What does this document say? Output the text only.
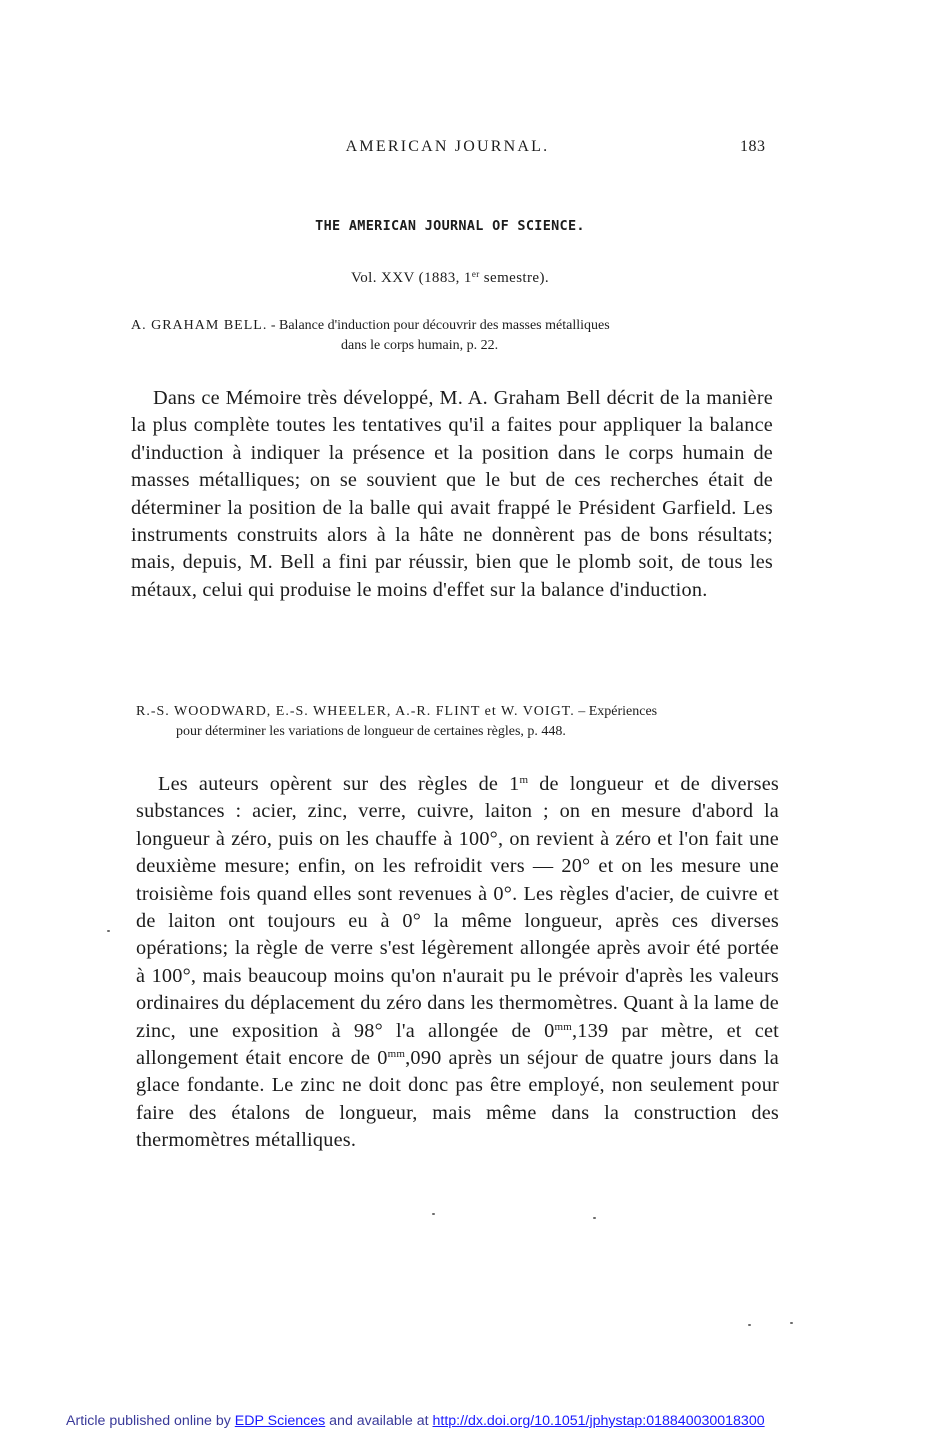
AMERICAN JOURNAL.	183
THE AMERICAN JOURNAL OF SCIENCE.
Vol. XXV (1883, 1er semestre).
A. GRAHAM BELL. - Balance d'induction pour découvrir des masses métalliques
dans le corps humain, p. 22.
Dans ce Mémoire très développé, M. A. Graham Bell décrit de la manière la plus complète toutes les tentatives qu'il a faites pour appliquer la balance d'induction à indiquer la présence et la position dans le corps humain de masses métalliques; on se souvient que le but de ces recherches était de déterminer la position de la balle qui avait frappé le Président Garfield. Les instruments construits alors à la hâte ne donnèrent pas de bons résultats; mais, depuis, M. Bell a fini par réussir, bien que le plomb soit, de tous les métaux, celui qui produise le moins d'effet sur la balance d'induction.
R.-S. WOODWARD, E.-S. WHEELER, A.-R. FLINT et W. VOIGT. – Expériences
pour déterminer les variations de longueur de certaines règles, p. 448.
Les auteurs opèrent sur des règles de 1$^m$ de longueur et de diverses substances : acier, zinc, verre, cuivre, laiton ; on en mesure d'abord la longueur à zéro, puis on les chauffe à 100°, on revient à zéro et l'on fait une deuxième mesure; enfin, on les refroidit vers — 20° et on les mesure une troisième fois quand elles sont revenues à 0°. Les règles d'acier, de cuivre et de laiton ont toujours eu à 0° la même longueur, après ces diverses opérations; la règle de verre s'est légèrement allongée après avoir été portée à 100°, mais beaucoup moins qu'on n'aurait pu le prévoir d'après les valeurs ordinaires du déplacement du zéro dans les thermomètres. Quant à la lame de zinc, une exposition à 98° l'a allongée de $0^{mm},139$ par mètre, et cet allongement était encore de $0^{mm},090$ après un séjour de quatre jours dans la glace fondante. Le zinc ne doit donc pas être employé, non seulement pour faire des étalons de longueur, mais même dans la construction des thermomètres métalliques.
Article published online by EDP Sciences and available at http://dx.doi.org/10.1051/jphystap:018840030018300
